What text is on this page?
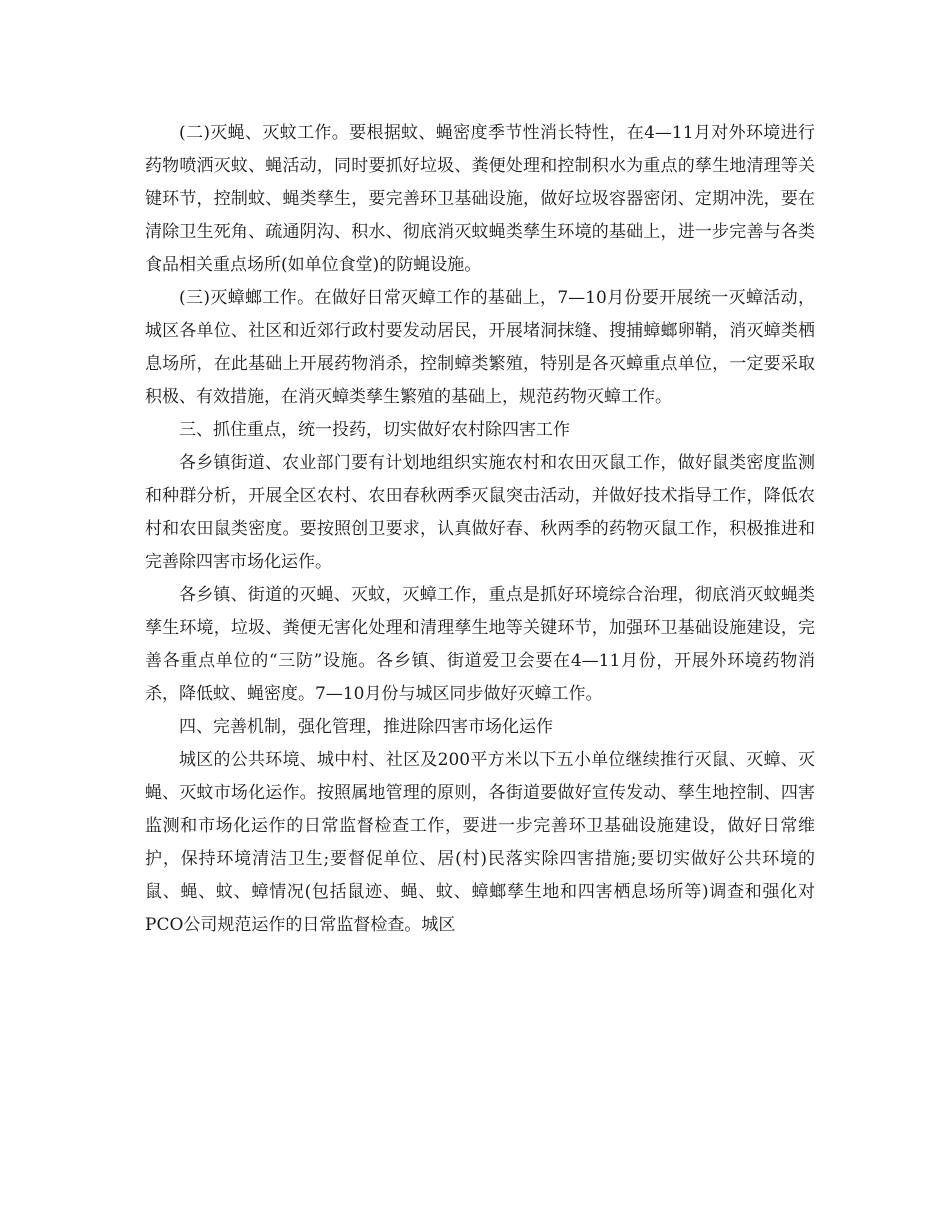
(二)灭蝇、灭蚊工作。要根据蚊、蝇密度季节性消长特性，在4—11月对外环境进行药物喷洒灭蚊、蝇活动，同时要抓好垃圾、粪便处理和控制积水为重点的孳生地清理等关键环节，控制蚊、蝇类孳生，要完善环卫基础设施，做好垃圾容器密闭、定期冲洗，要在清除卫生死角、疏通阴沟、积水、彻底消灭蚊蝇类孳生环境的基础上，进一步完善与各类食品相关重点场所(如单位食堂)的防蝇设施。

(三)灭蟑螂工作。在做好日常灭蟑工作的基础上，7—10月份要开展统一灭蟑活动，城区各单位、社区和近郊行政村要发动居民，开展堵洞抹缝、搜捕蟑螂卵鞘，消灭蟑类栖息场所，在此基础上开展药物消杀，控制蟑类繁殖，特别是各灭蟑重点单位，一定要采取积极、有效措施，在消灭蟑类孳生繁殖的基础上，规范药物灭蟑工作。

三、抓住重点，统一投药，切实做好农村除四害工作

各乡镇街道、农业部门要有计划地组织实施农村和农田灭鼠工作，做好鼠类密度监测和种群分析，开展全区农村、农田春秋两季灭鼠突击活动，并做好技术指导工作，降低农村和农田鼠类密度。要按照创卫要求，认真做好春、秋两季的药物灭鼠工作，积极推进和完善除四害市场化运作。

各乡镇、街道的灭蝇、灭蚊，灭蟑工作，重点是抓好环境综合治理，彻底消灭蚊蝇类孳生环境，垃圾、粪便无害化处理和清理孳生地等关键环节，加强环卫基础设施建设，完善各重点单位的“三防”设施。各乡镇、街道爱卫会要在4—11月份，开展外环境药物消杀，降低蚊、蝇密度。7—10月份与城区同步做好灭蟑工作。

四、完善机制，强化管理，推进除四害市场化运作

城区的公共环境、城中村、社区及200平方米以下五小单位继续推行灭鼠、灭蟑、灭蝇、灭蚊市场化运作。按照属地管理的原则，各街道要做好宣传发动、孳生地控制、四害监测和市场化运作的日常监督检查工作，要进一步完善环卫基础设施建设，做好日常维护，保持环境清洁卫生;要督促单位、居(村)民落实除四害措施;要切实做好公共环境的鼠、蝇、蚊、蟑情况(包括鼠迹、蝇、蚊、蟑螂孳生地和四害栖息场所等)调查和强化对PCO公司规范运作的日常监督检查。城区
